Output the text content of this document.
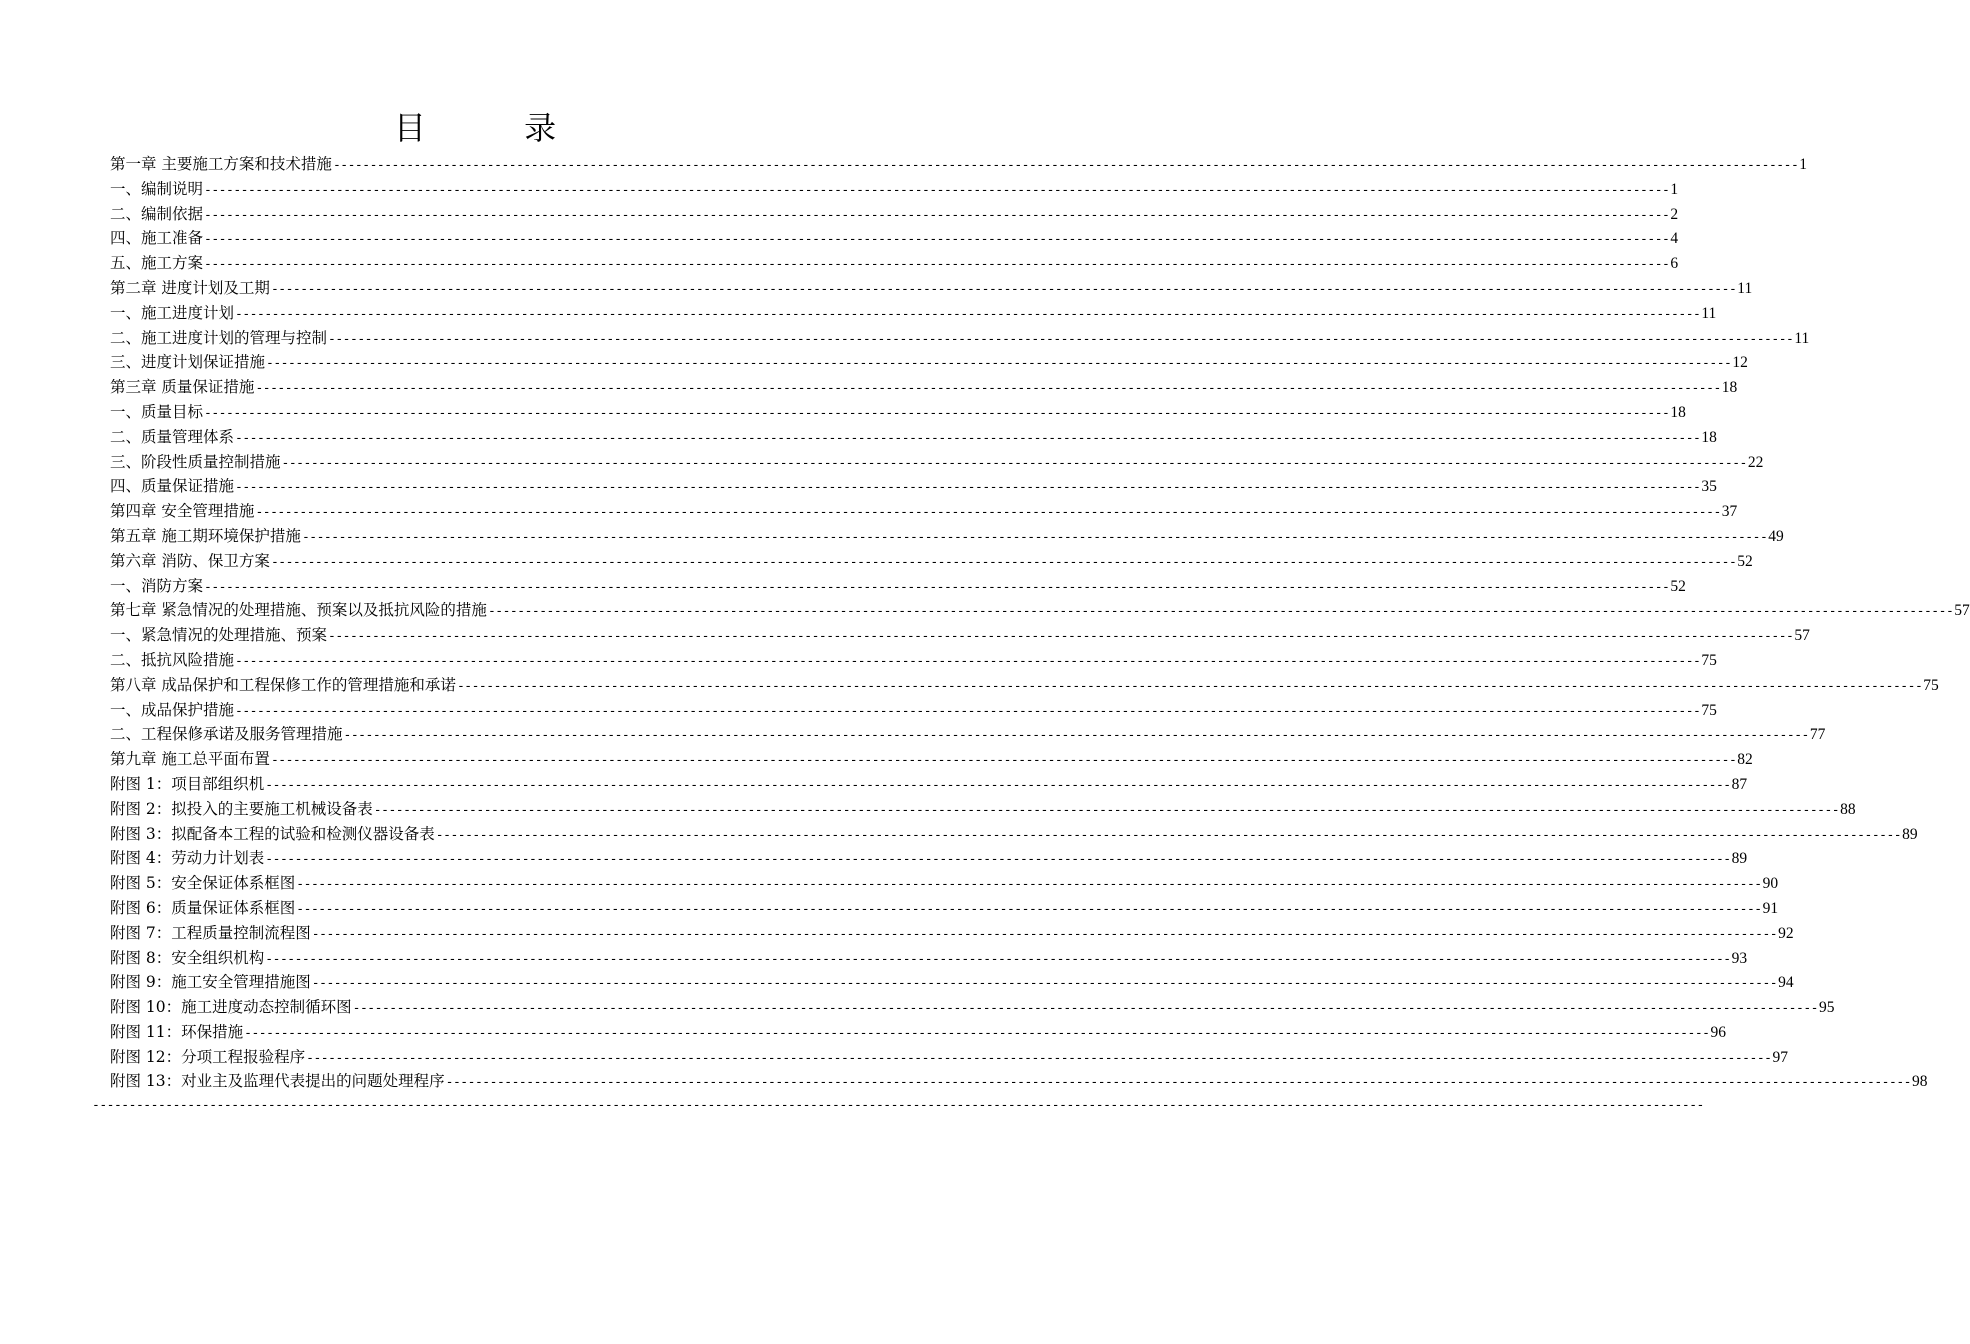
目 录
第一章 主要施工方案和技术措施 -------------------------------------------------------------------------------------------------------------------------------------------------------------------------------------------------------- 1
一、编制说明 -------------------------------------------------------------------------------------------------------------------------------------------------------------------------------------------------------- 1
二、编制依据 -------------------------------------------------------------------------------------------------------------------------------------------------------------------------------------------------------- 2
四、施工准备 -------------------------------------------------------------------------------------------------------------------------------------------------------------------------------------------------------- 4
五、施工方案 -------------------------------------------------------------------------------------------------------------------------------------------------------------------------------------------------------- 6
第二章 进度计划及工期 -------------------------------------------------------------------------------------------------------------------------------------------------------------------------------------------------------- 11
一、施工进度计划 -------------------------------------------------------------------------------------------------------------------------------------------------------------------------------------------------------- 11
二、施工进度计划的管理与控制 -------------------------------------------------------------------------------------------------------------------------------------------------------------------------------------------------------- 11
三、进度计划保证措施 -------------------------------------------------------------------------------------------------------------------------------------------------------------------------------------------------------- 12
第三章 质量保证措施 -------------------------------------------------------------------------------------------------------------------------------------------------------------------------------------------------------- 18
一、质量目标 -------------------------------------------------------------------------------------------------------------------------------------------------------------------------------------------------------- 18
二、质量管理体系 -------------------------------------------------------------------------------------------------------------------------------------------------------------------------------------------------------- 18
三、阶段性质量控制措施 -------------------------------------------------------------------------------------------------------------------------------------------------------------------------------------------------------- 22
四、质量保证措施 -------------------------------------------------------------------------------------------------------------------------------------------------------------------------------------------------------- 35
第四章 安全管理措施 -------------------------------------------------------------------------------------------------------------------------------------------------------------------------------------------------------- 37
第五章 施工期环境保护措施 -------------------------------------------------------------------------------------------------------------------------------------------------------------------------------------------------------- 49
第六章 消防、保卫方案 -------------------------------------------------------------------------------------------------------------------------------------------------------------------------------------------------------- 52
一、消防方案 -------------------------------------------------------------------------------------------------------------------------------------------------------------------------------------------------------- 52
第七章 紧急情况的处理措施、预案以及抵抗风险的措施 -------------------------------------------------------------------------------------------------------------------------------------------------------------------------------------------------------- 57
一、紧急情况的处理措施、预案 -------------------------------------------------------------------------------------------------------------------------------------------------------------------------------------------------------- 57
二、抵抗风险措施 -------------------------------------------------------------------------------------------------------------------------------------------------------------------------------------------------------- 75
第八章 成品保护和工程保修工作的管理措施和承诺 -------------------------------------------------------------------------------------------------------------------------------------------------------------------------------------------------------- 75
一、成品保护措施 -------------------------------------------------------------------------------------------------------------------------------------------------------------------------------------------------------- 75
二、工程保修承诺及服务管理措施 -------------------------------------------------------------------------------------------------------------------------------------------------------------------------------------------------------- 77
第九章 施工总平面布置 -------------------------------------------------------------------------------------------------------------------------------------------------------------------------------------------------------- 82
附图 1：项目部组织机 -------------------------------------------------------------------------------------------------------------------------------------------------------------------------------------------------------- 87
附图 2：拟投入的主要施工机械设备表 -------------------------------------------------------------------------------------------------------------------------------------------------------------------------------------------------------- 88
附图 3：拟配备本工程的试验和检测仪器设备表 -------------------------------------------------------------------------------------------------------------------------------------------------------------------------------------------------------- 89
附图 4：劳动力计划表 -------------------------------------------------------------------------------------------------------------------------------------------------------------------------------------------------------- 89
附图 5：安全保证体系框图 -------------------------------------------------------------------------------------------------------------------------------------------------------------------------------------------------------- 90
附图 6：质量保证体系框图 -------------------------------------------------------------------------------------------------------------------------------------------------------------------------------------------------------- 91
附图 7：工程质量控制流程图 -------------------------------------------------------------------------------------------------------------------------------------------------------------------------------------------------------- 92
附图 8：安全组织机构 -------------------------------------------------------------------------------------------------------------------------------------------------------------------------------------------------------- 93
附图 9：施工安全管理措施图 -------------------------------------------------------------------------------------------------------------------------------------------------------------------------------------------------------- 94
附图 10：施工进度动态控制循环图 -------------------------------------------------------------------------------------------------------------------------------------------------------------------------------------------------------- 95
附图 11：环保措施 -------------------------------------------------------------------------------------------------------------------------------------------------------------------------------------------------------- 96
附图 12：分项工程报验程序 -------------------------------------------------------------------------------------------------------------------------------------------------------------------------------------------------------- 97
附图 13：对业主及监理代表提出的问题处理程序 -------------------------------------------------------------------------------------------------------------------------------------------------------------------------------------------------------- 98
----------------------------------------------------------------------------------------------------------------------------------------------------------------------------------------------------------------------------
